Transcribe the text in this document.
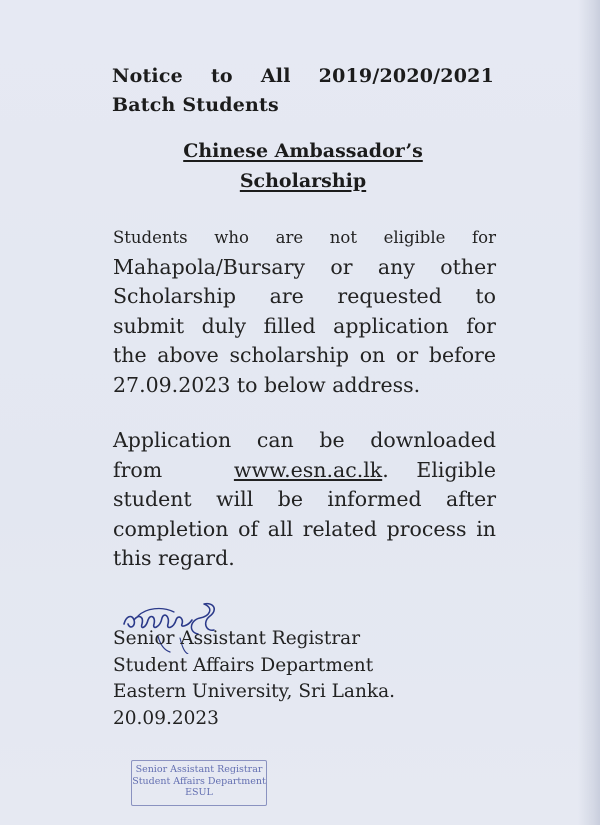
Notice to All 2019/2020/2021
Batch Students
Chinese Ambassador’s
Scholarship
Students who are not eligible for
Mahapola/Bursary or any other
Scholarship are requested to
submit duly filled application for
the above scholarship on or before
27.09.2023 to below address.
Application can be downloaded
from	www.esn.ac.lk. Eligible
student will be informed after
completion of all related process in
this regard.
Senior Assistant Registrar
Student Affairs Department
Eastern University, Sri Lanka.
20.09.2023
Senior Assistant Registrar
Student Affairs Department
ESUL
